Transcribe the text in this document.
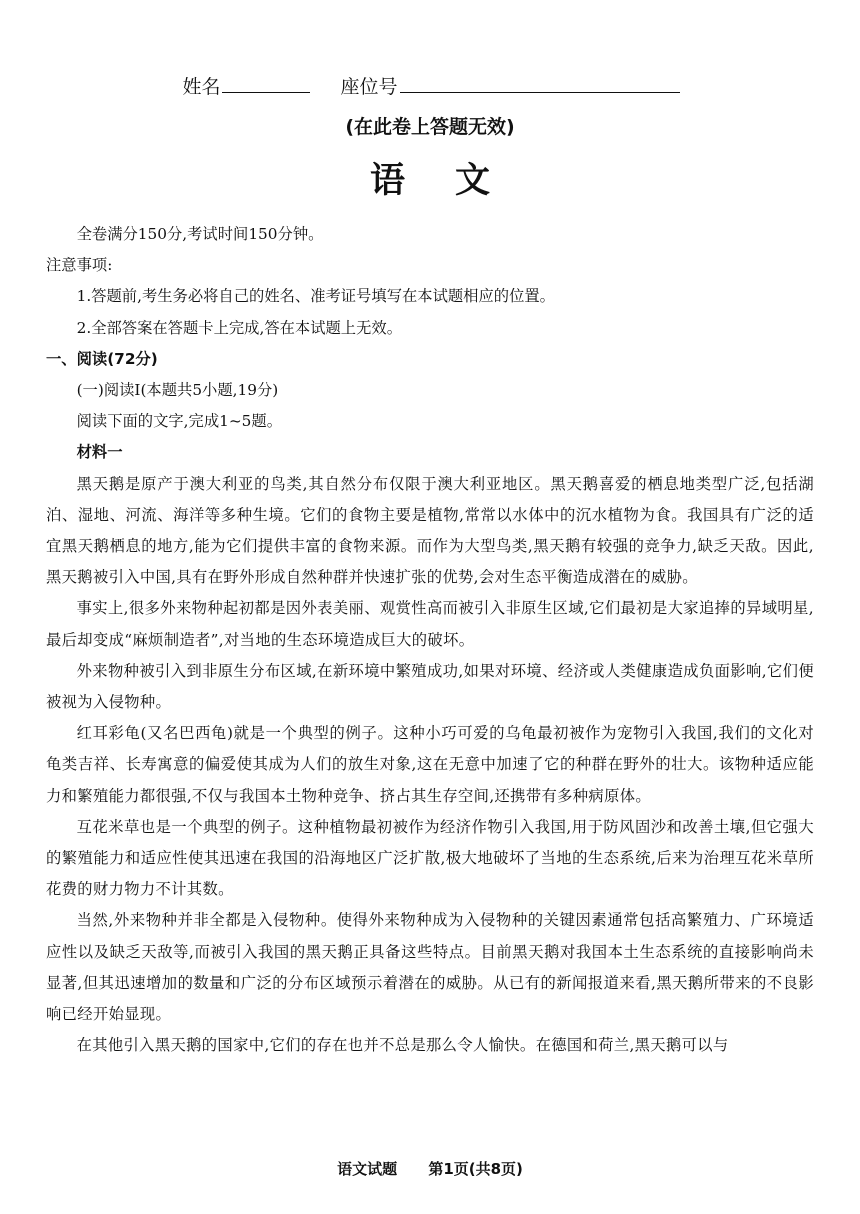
姓名	座位号
(在此卷上答题无效)
语文

全卷满分150分,考试时间150分钟。

注意事项:

1.答题前,考生务必将自己的姓名、准考证号填写在本试题相应的位置。

2.全部答案在答题卡上完成,答在本试题上无效。

一、阅读(72分)

(一)阅读Ⅰ(本题共5小题,19分)

阅读下面的文字,完成1~5题。

材料一

黑天鹅是原产于澳大利亚的鸟类,其自然分布仅限于澳大利亚地区。黑天鹅喜爱的栖息地类型广泛,包括湖泊、湿地、河流、海洋等多种生境。它们的食物主要是植物,常常以水体中的沉水植物为食。我国具有广泛的适宜黑天鹅栖息的地方,能为它们提供丰富的食物来源。而作为大型鸟类,黑天鹅有较强的竞争力,缺乏天敌。因此,黑天鹅被引入中国,具有在野外形成自然种群并快速扩张的优势,会对生态平衡造成潜在的威胁。

事实上,很多外来物种起初都是因外表美丽、观赏性高而被引入非原生区域,它们最初是大家追捧的异域明星,最后却变成“麻烦制造者”,对当地的生态环境造成巨大的破坏。

外来物种被引入到非原生分布区域,在新环境中繁殖成功,如果对环境、经济或人类健康造成负面影响,它们便被视为入侵物种。

红耳彩龟(又名巴西龟)就是一个典型的例子。这种小巧可爱的乌龟最初被作为宠物引入我国,我们的文化对龟类吉祥、长寿寓意的偏爱使其成为人们的放生对象,这在无意中加速了它的种群在野外的壮大。该物种适应能力和繁殖能力都很强,不仅与我国本土物种竞争、挤占其生存空间,还携带有多种病原体。

互花米草也是一个典型的例子。这种植物最初被作为经济作物引入我国,用于防风固沙和改善土壤,但它强大的繁殖能力和适应性使其迅速在我国的沿海地区广泛扩散,极大地破坏了当地的生态系统,后来为治理互花米草所花费的财力物力不计其数。

当然,外来物种并非全都是入侵物种。使得外来物种成为入侵物种的关键因素通常包括高繁殖力、广环境适应性以及缺乏天敌等,而被引入我国的黑天鹅正具备这些特点。目前黑天鹅对我国本土生态系统的直接影响尚未显著,但其迅速增加的数量和广泛的分布区域预示着潜在的威胁。从已有的新闻报道来看,黑天鹅所带来的不良影响已经开始显现。

在其他引入黑天鹅的国家中,它们的存在也并不总是那么令人愉快。在德国和荷兰,黑天鹅可以与

语文试题 第1页(共8页)
